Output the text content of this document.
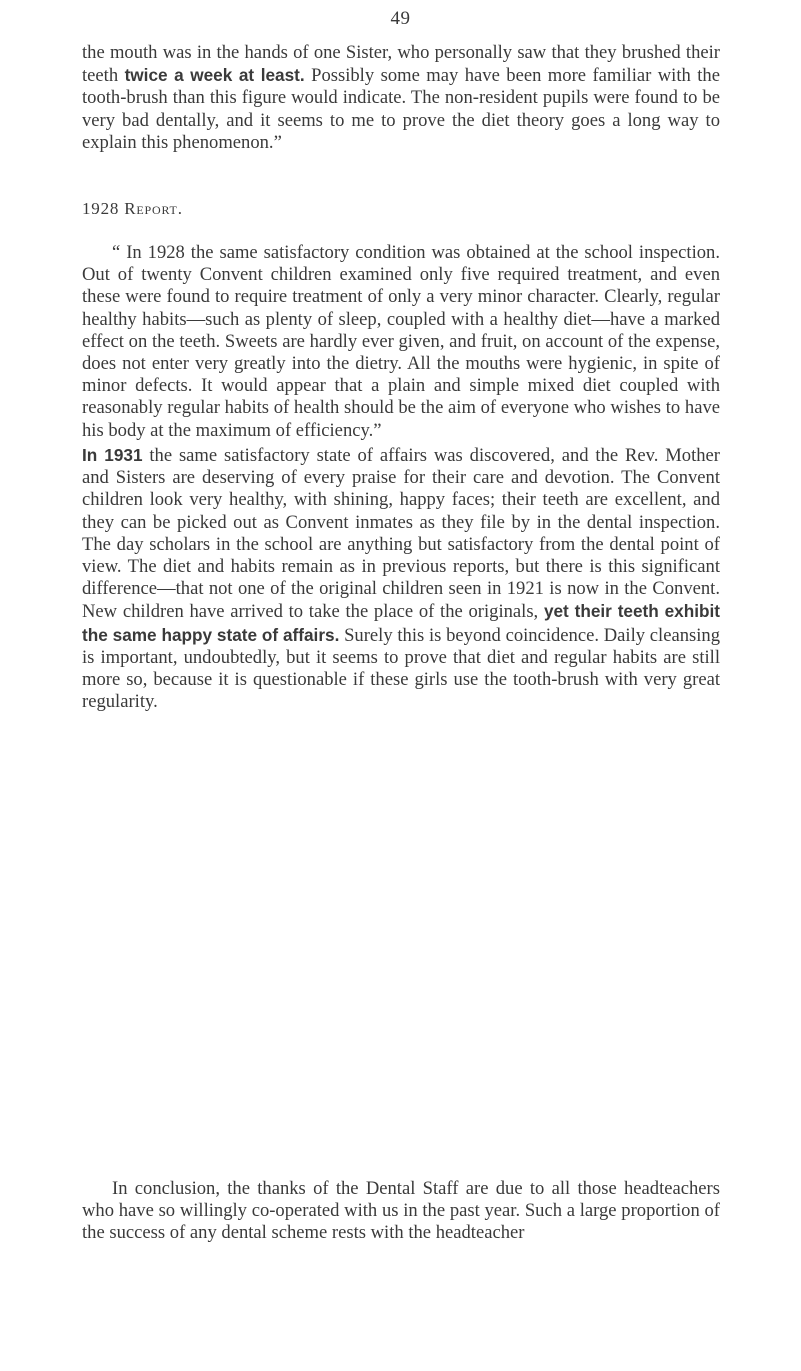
49

the mouth was in the hands of one Sister, who personally saw that they brushed their teeth twice a week at least. Possibly some may have been more familiar with the tooth-brush than this figure would indicate. The non-resident pupils were found to be very bad dentally, and it seems to me to prove the diet theory goes a long way to explain this phenomenon.”

1928 Report.

“ In 1928 the same satisfactory condition was obtained at the school inspection. Out of twenty Convent children examined only five required treatment, and even these were found to require treatment of only a very minor character. Clearly, regular healthy habits—such as plenty of sleep, coupled with a healthy diet—have a marked effect on the teeth. Sweets are hardly ever given, and fruit, on account of the expense, does not enter very greatly into the dietry. All the mouths were hygienic, in spite of minor defects. It would appear that a plain and simple mixed diet coupled with reasonably regular habits of health should be the aim of everyone who wishes to have his body at the maximum of efficiency.”

In 1931 the same satisfactory state of affairs was discovered, and the Rev. Mother and Sisters are deserving of every praise for their care and devotion. The Convent children look very healthy, with shining, happy faces; their teeth are excellent, and they can be picked out as Convent inmates as they file by in the dental inspection. The day scholars in the school are anything but satisfactory from the dental point of view. The diet and habits remain as in previous reports, but there is this significant difference—that not one of the original children seen in 1921 is now in the Convent. New children have arrived to take the place of the originals, yet their teeth exhibit the same happy state of affairs. Surely this is beyond coincidence. Daily cleansing is important, undoubtedly, but it seems to prove that diet and regular habits are still more so, because it is questionable if these girls use the tooth-brush with very great regularity.

In conclusion, the thanks of the Dental Staff are due to all those headteachers who have so willingly co-operated with us in the past year. Such a large proportion of the success of any dental scheme rests with the headteacher
